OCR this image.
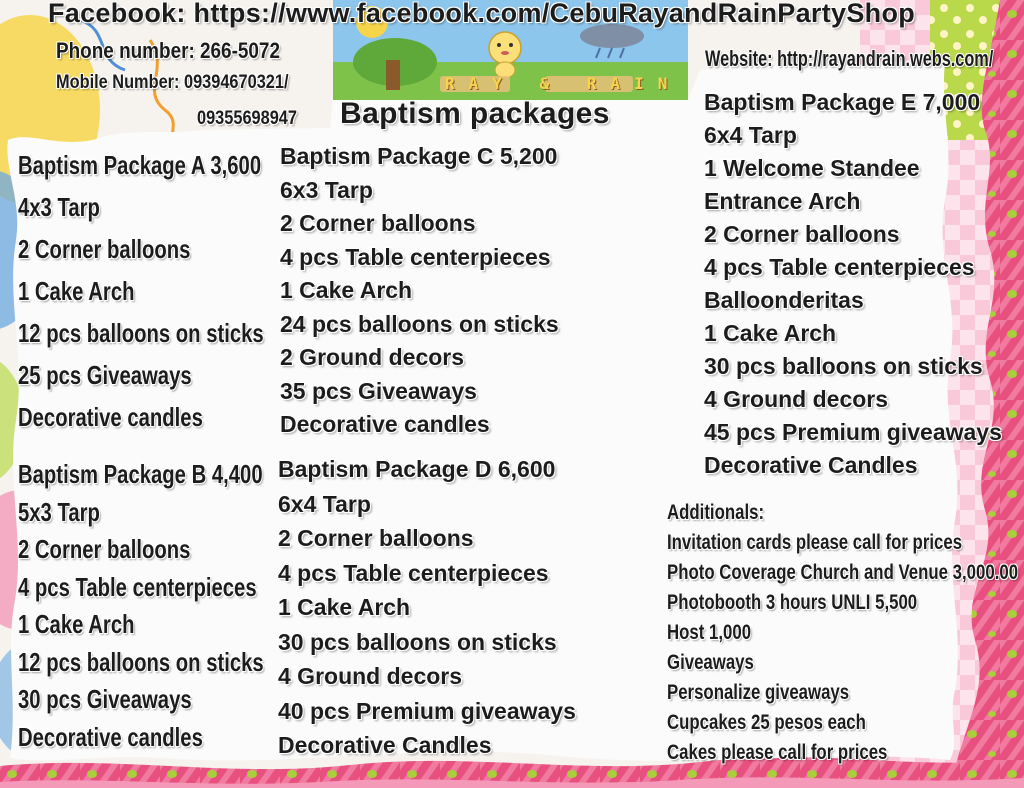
RAY & RAIN
Facebook: https://www.facebook.com/CebuRayandRainPartyShop
Phone number: 266-5072
Mobile Number: 09394670321/
09355698947
Website: http://rayandrain.webs.com/
Baptism packages
Baptism Package A 3,600
4x3 Tarp
2 Corner balloons
1 Cake Arch
12 pcs balloons on sticks
25 pcs Giveaways
Decorative candles
Baptism Package B 4,400
5x3 Tarp
2 Corner balloons
4 pcs Table centerpieces
1 Cake Arch
12 pcs balloons on sticks
30 pcs Giveaways
Decorative candles
Baptism Package C 5,200
6x3 Tarp
2 Corner balloons
4 pcs Table centerpieces
1 Cake Arch
24 pcs balloons on sticks
2 Ground decors
35 pcs Giveaways
Decorative candles
Baptism Package D 6,600
6x4 Tarp
2 Corner balloons
4 pcs Table centerpieces
1 Cake Arch
30 pcs balloons on sticks
4 Ground decors
40 pcs Premium giveaways
Decorative Candles
Baptism Package E 7,000
6x4 Tarp
1 Welcome Standee
Entrance Arch
2 Corner balloons
4 pcs Table centerpieces
Balloonderitas
1 Cake Arch
30 pcs balloons on sticks
4 Ground decors
45 pcs Premium giveaways
Decorative Candles
Additionals:
Invitation cards please call for prices
Photo Coverage Church and Venue 3,000.00
Photobooth 3 hours UNLI 5,500
Host 1,000
Giveaways
Personalize giveaways
Cupcakes 25 pesos each
Cakes please call for prices
